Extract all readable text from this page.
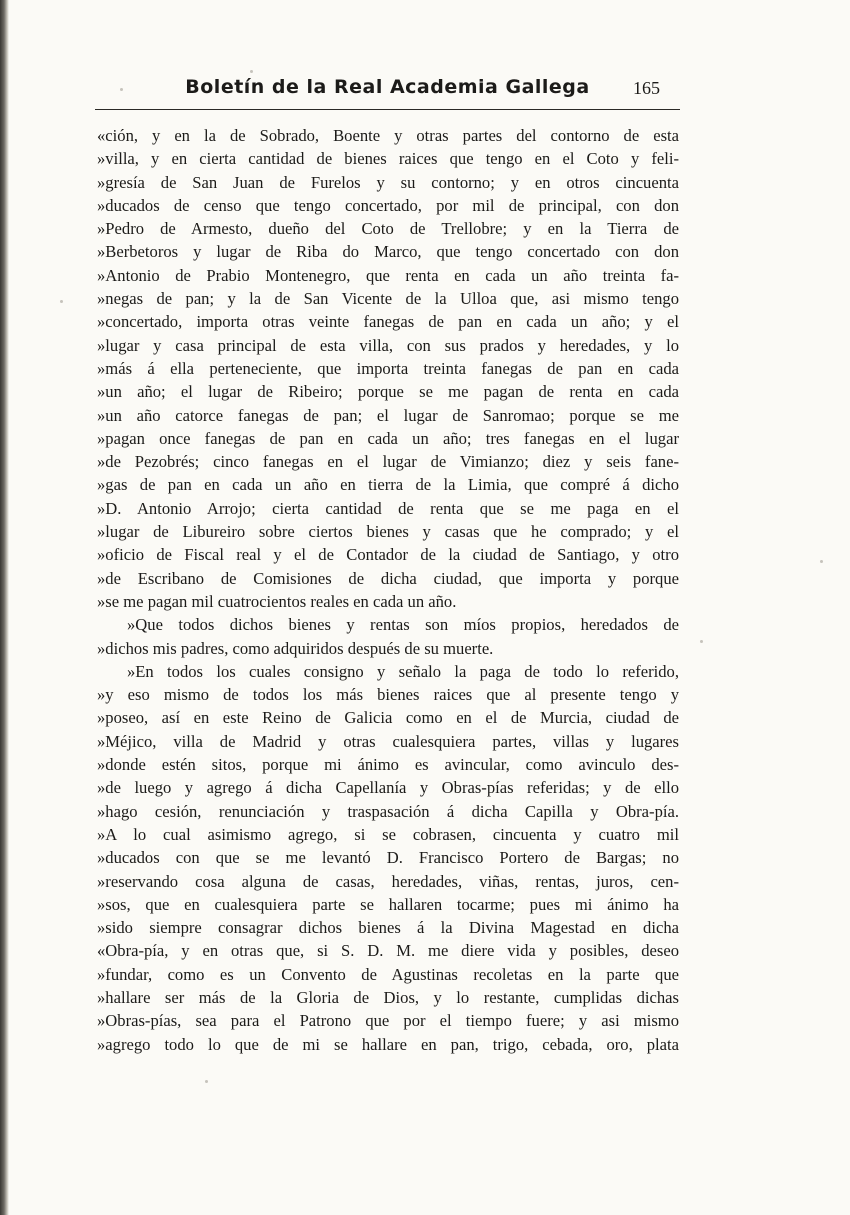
Boletín de la Real Academia Gallega	165
«ción, y en la de Sobrado, Boente y otras partes del contorno de esta
»villa, y en cierta cantidad de bienes raices que tengo en el Coto y feli-
»gresía de San Juan de Furelos y su contorno; y en otros cincuenta
»ducados de censo que tengo concertado, por mil de principal, con don
»Pedro de Armesto, dueño del Coto de Trellobre; y en la Tierra de
»Berbetoros y lugar de Riba do Marco, que tengo concertado con don
»Antonio de Prabio Montenegro, que renta en cada un año treinta fa-
»negas de pan; y la de San Vicente de la Ulloa que, asi mismo tengo
»concertado, importa otras veinte fanegas de pan en cada un año; y el
»lugar y casa principal de esta villa, con sus prados y heredades, y lo
»más á ella perteneciente, que importa treinta fanegas de pan en cada
»un año; el lugar de Ribeiro; porque se me pagan de renta en cada
»un año catorce fanegas de pan; el lugar de Sanromao; porque se me
»pagan once fanegas de pan en cada un año; tres fanegas en el lugar
»de Pezobrés; cinco fanegas en el lugar de Vimianzo; diez y seis fane-
»gas de pan en cada un año en tierra de la Limia, que compré á dicho
»D. Antonio Arrojo; cierta cantidad de renta que se me paga en el
»lugar de Libureiro sobre ciertos bienes y casas que he comprado; y el
»oficio de Fiscal real y el de Contador de la ciudad de Santiago, y otro
»de Escribano de Comisiones de dicha ciudad, que importa y porque
»se me pagan mil cuatrocientos reales en cada un año.
»Que todos dichos bienes y rentas son míos propios, heredados de
»dichos mis padres, como adquiridos después de su muerte.
»En todos los cuales consigno y señalo la paga de todo lo referido,
»y eso mismo de todos los más bienes raices que al presente tengo y
»poseo, así en este Reino de Galicia como en el de Murcia, ciudad de
»Méjico, villa de Madrid y otras cualesquiera partes, villas y lugares
»donde estén sitos, porque mi ánimo es avincular, como avinculo des-
»de luego y agrego á dicha Capellanía y Obras-pías referidas; y de ello
»hago cesión, renunciación y traspasación á dicha Capilla y Obra-pía.
»A lo cual asimismo agrego, si se cobrasen, cincuenta y cuatro mil
»ducados con que se me levantó D. Francisco Portero de Bargas; no
»reservando cosa alguna de casas, heredades, viñas, rentas, juros, cen-
»sos, que en cualesquiera parte se hallaren tocarme; pues mi ánimo ha
»sido siempre consagrar dichos bienes á la Divina Magestad en dicha
«Obra-pía, y en otras que, si S. D. M. me diere vida y posibles, deseo
»fundar, como es un Convento de Agustinas recoletas en la parte que
»hallare ser más de la Gloria de Dios, y lo restante, cumplidas dichas
»Obras-pías, sea para el Patrono que por el tiempo fuere; y asi mismo
»agrego todo lo que de mi se hallare en pan, trigo, cebada, oro, plata
